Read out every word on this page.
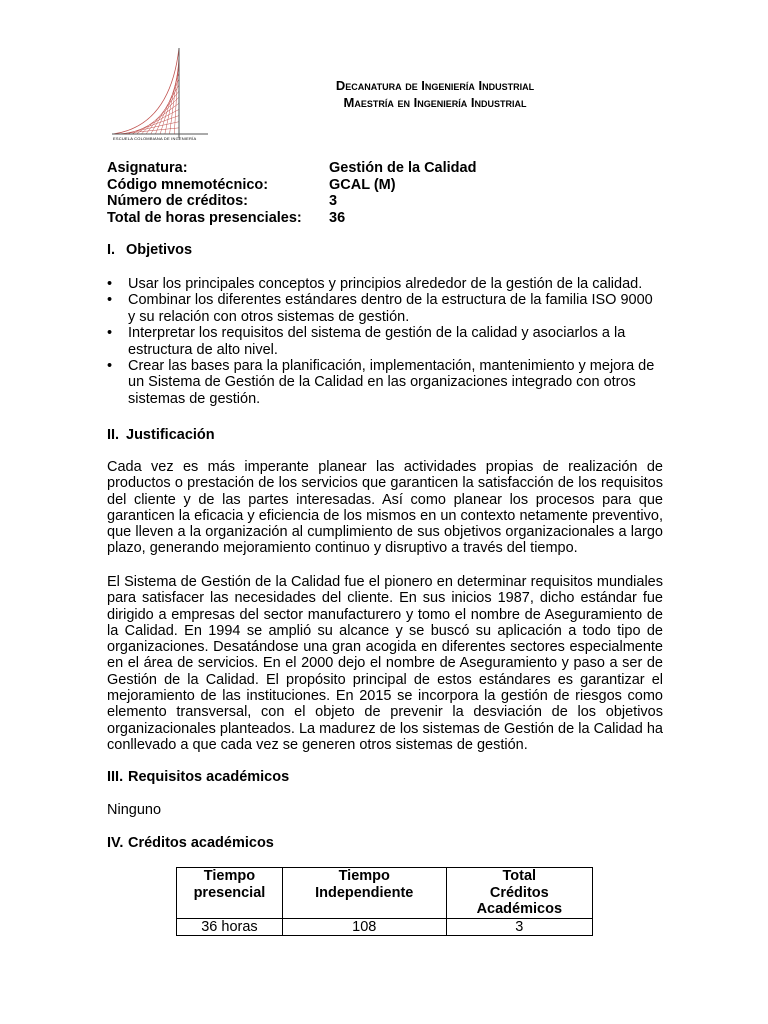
ESCUELA COLOMBIANA DE INGENIERÍA
Decanatura de Ingeniería Industrial
Maestría en Ingeniería Industrial
Asignatura:	Gestión de la Calidad
Código mnemotécnico:	GCAL (M)
Número de créditos:	3
Total de horas presenciales: 36
I. Objetivos
• Usar los principales conceptos y principios alrededor de la gestión de la calidad.
• Combinar los diferentes estándares dentro de la estructura de la familia ISO 9000 y su relación con otros sistemas de gestión.
• Interpretar los requisitos del sistema de gestión de la calidad y asociarlos a la estructura de alto nivel.
• Crear las bases para la planificación, implementación, mantenimiento y mejora de un Sistema de Gestión de la Calidad en las organizaciones integrado con otros sistemas de gestión.
II. Justificación

Cada vez es más imperante planear las actividades propias de realización de productos o prestación de los servicios que garanticen la satisfacción de los requisitos del cliente y de las partes interesadas. Así como planear los procesos para que garanticen la eficacia y eficiencia de los mismos en un contexto netamente preventivo, que lleven a la organización al cumplimiento de sus objetivos organizacionales a largo plazo, generando mejoramiento continuo y disruptivo a través del tiempo.

El Sistema de Gestión de la Calidad fue el pionero en determinar requisitos mundiales para satisfacer las necesidades del cliente. En sus inicios 1987, dicho estándar fue dirigido a empresas del sector manufacturero y tomo el nombre de Aseguramiento de la Calidad. En 1994 se amplió su alcance y se buscó su aplicación a todo tipo de organizaciones. Desatándose una gran acogida en diferentes sectores especialmente en el área de servicios. En el 2000 dejo el nombre de Aseguramiento y paso a ser de Gestión de la Calidad. El propósito principal de estos estándares es garantizar el mejoramiento de las instituciones. En 2015 se incorpora la gestión de riesgos como elemento transversal, con el objeto de prevenir la desviación de los objetivos organizacionales planteados. La madurez de los sistemas de Gestión de la Calidad ha conllevado a que cada vez se generen otros sistemas de gestión.

III. Requisitos académicos
Ninguno
IV. Créditos académicos
Tiempo presencial	Tiempo Independiente	Total Créditos Académicos
36 horas	108	3
